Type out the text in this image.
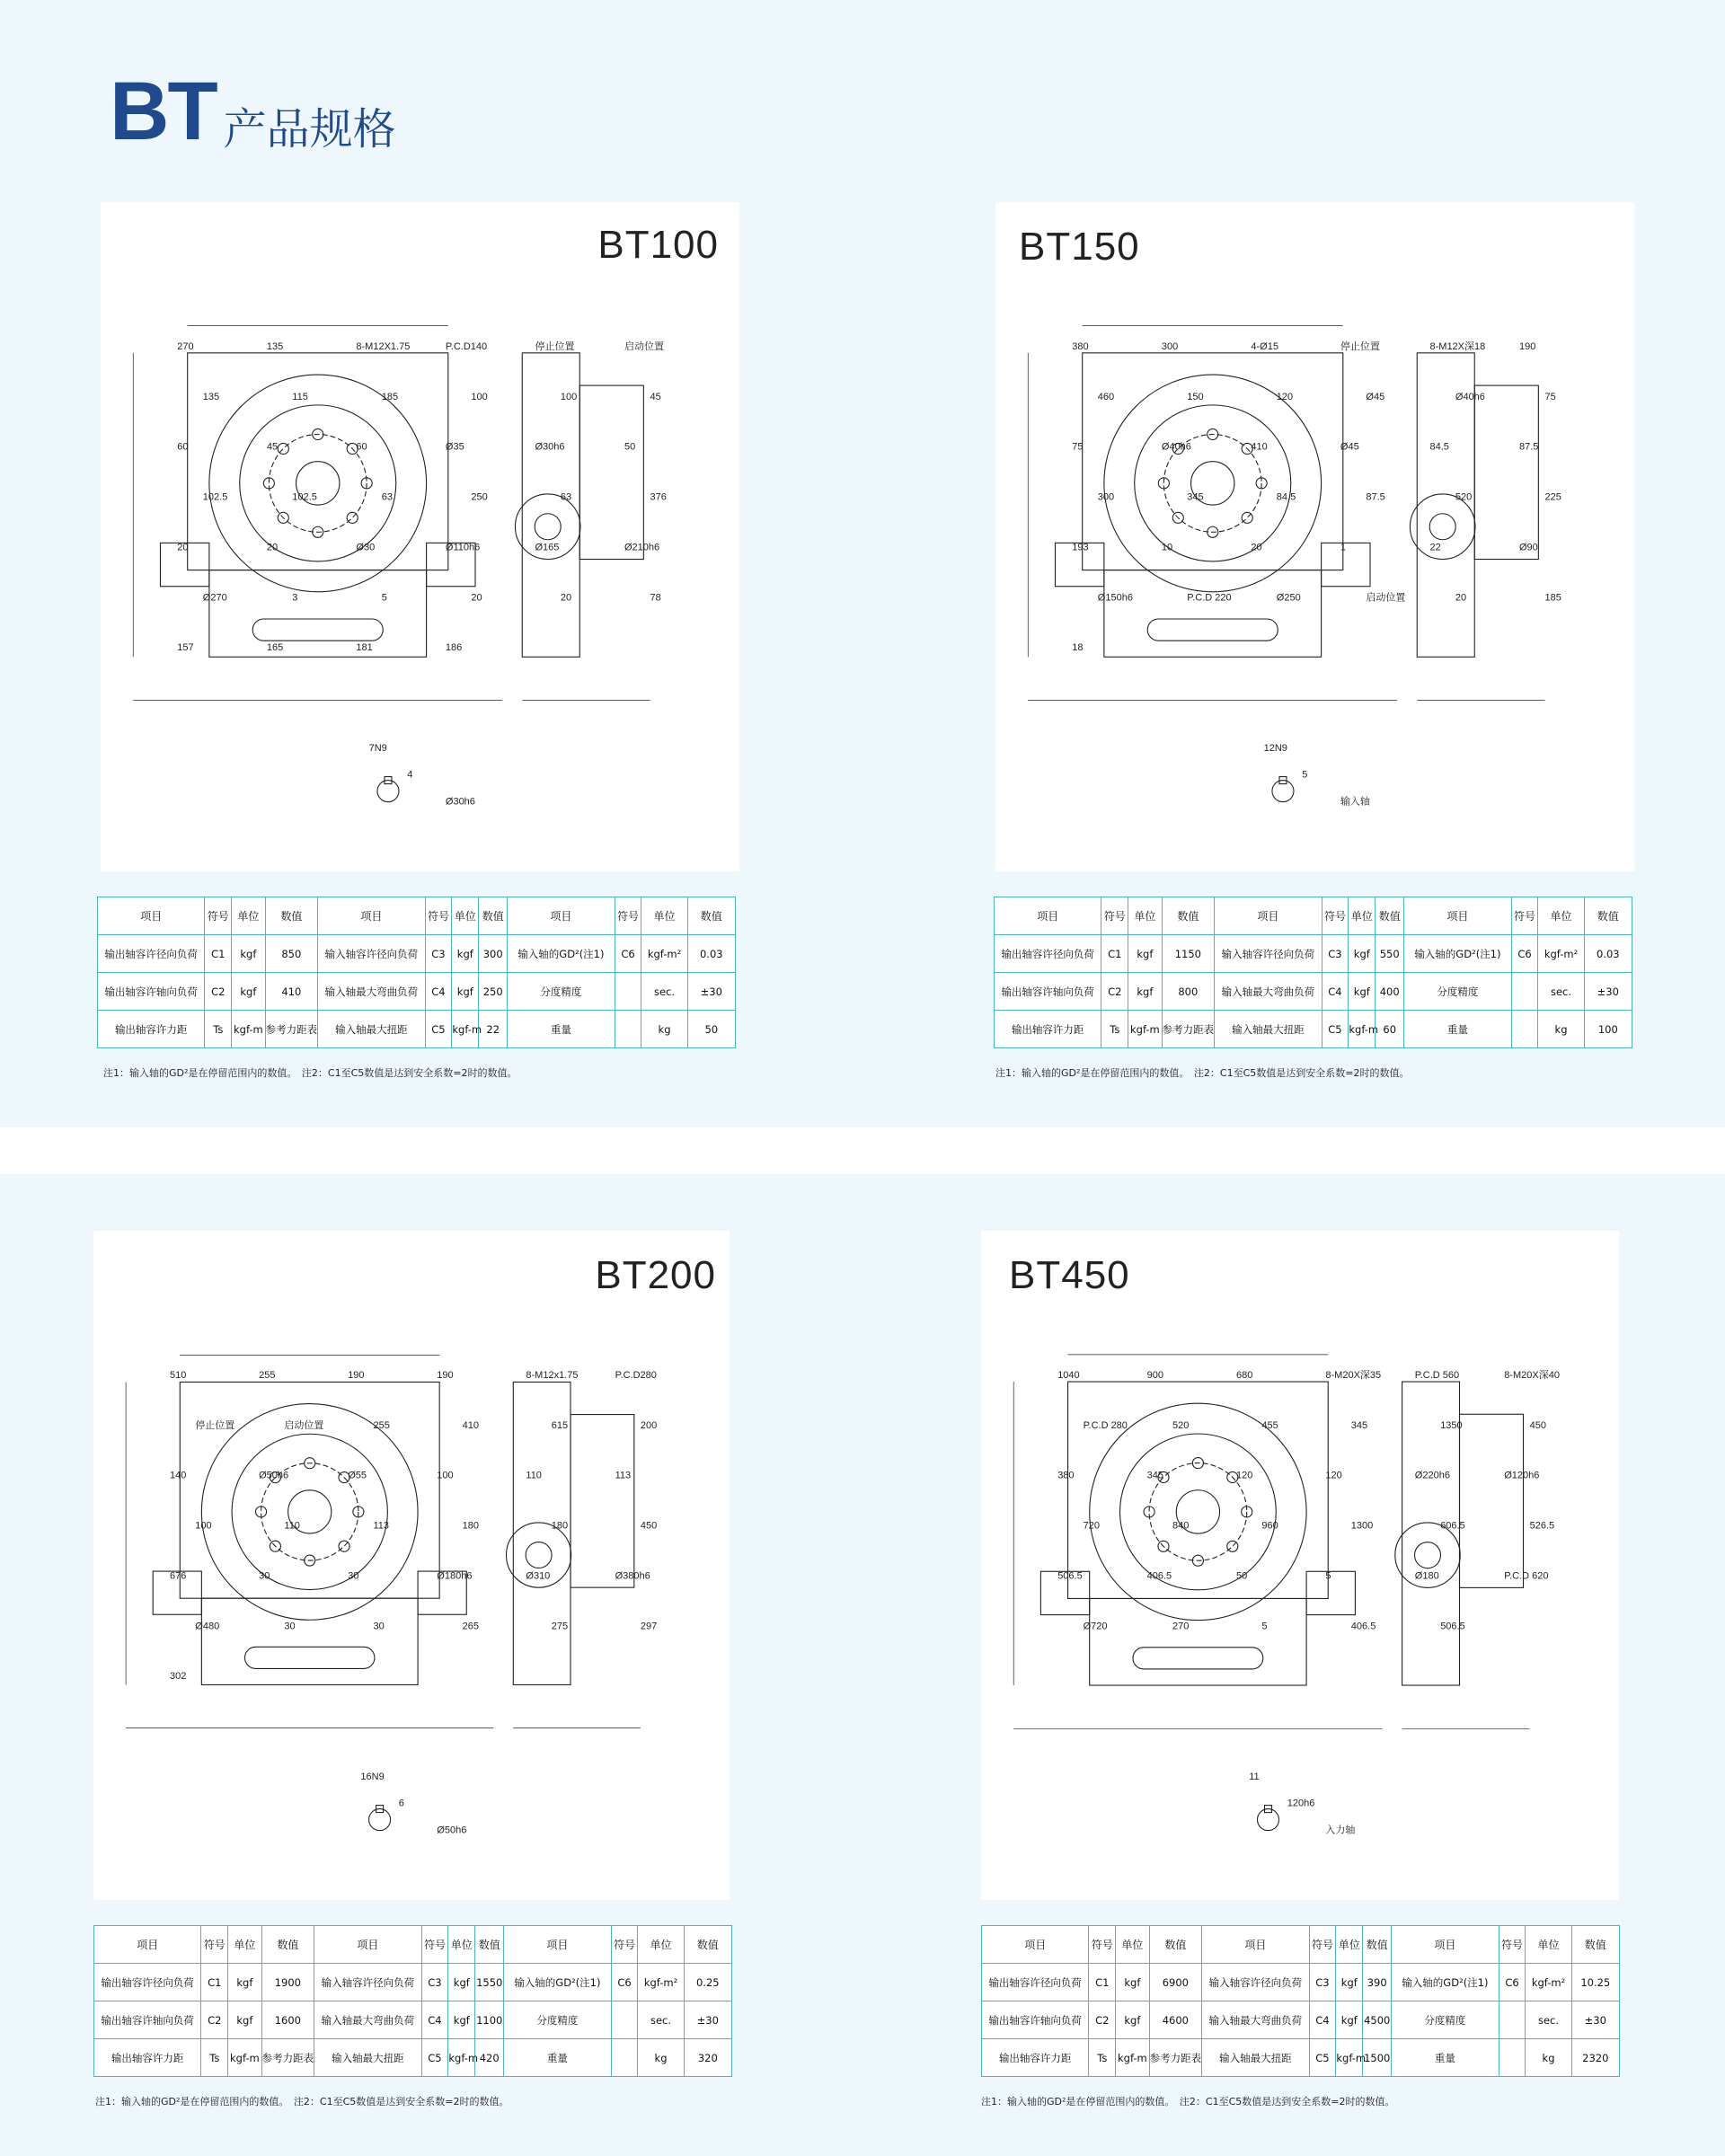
BT 产品规格
270	135	8-M12X1.75	P.C.D140	停止位置	启动位置
135	115	185	100	100	45
60	45	60	Ø35	Ø30h6	50
102.5	102.5	63	250	63	376
20	20	Ø30	Ø110h6	Ø165	Ø210h6
Ø270	3	5	20	20	78
157	165	181	186
7N9
4
Ø30h6
380	300	4-Ø15	停止位置	8-M12X深18	190
460	150	120	Ø45	Ø40h6	75
75	Ø40h6	410	Ø45	84.5	87.5
300	345	84.5	87.5	520	225
193	10	20	1	22	Ø90
Ø150h6	P.C.D 220	Ø250	启动位置	20	185
18
12N9
5
输入轴
510	255	190	190	8-M12x1.75	P.C.D280
停止位置	启动位置	255	410	615	200
140	Ø50h6	Ø55	100	110	113
100	110	113	180	180	450
676	30	30	Ø180h6	Ø310	Ø380h6
Ø480	30	30	265	275	297
302
16N9
6
Ø50h6
1040	900	680	8-M20X深35	P.C.D 560	8-M20X深40
P.C.D 280	520	455	345	1350	450
380	345	120	120	Ø220h6	Ø120h6
720	840	960	1300	606.5	526.5
506.5	406.5	50	5	Ø180	P.C.D 620
Ø720	270	5	406.5	506.5
11
120h6
入力轴
BT100
项目	符号	单位	数值	项目	符号	单位	数值	项目	符号	单位	数值
输出轴容许径向负荷	C1	kgf	850	输入轴容许径向负荷	C3	kgf	300	输入轴的GD²(注1)	C6	kgf-m²	0.03
输出轴容许轴向负荷	C2	kgf	410	输入轴最大弯曲负荷	C4	kgf	250	分度精度		sec.	±30
输出轴容许力距	Ts	kgf-m	参考力距表	输入轴最大扭距	C5	kgf-m	22	重量		kg	50
注1：输入轴的GD²是在停留范围内的数值。　注2：C1至C5数值是达到安全系数=2时的数值。
BT150
项目	符号	单位	数值	项目	符号	单位	数值	项目	符号	单位	数值
输出轴容许径向负荷	C1	kgf	1150	输入轴容许径向负荷	C3	kgf	550	输入轴的GD²(注1)	C6	kgf-m²	0.03
输出轴容许轴向负荷	C2	kgf	800	输入轴最大弯曲负荷	C4	kgf	400	分度精度		sec.	±30
输出轴容许力距	Ts	kgf-m	参考力距表	输入轴最大扭距	C5	kgf-m	60	重量		kg	100
注1：输入轴的GD²是在停留范围内的数值。　注2：C1至C5数值是达到安全系数=2时的数值。
BT200
项目	符号	单位	数值	项目	符号	单位	数值	项目	符号	单位	数值
输出轴容许径向负荷	C1	kgf	1900	输入轴容许径向负荷	C3	kgf	1550	输入轴的GD²(注1)	C6	kgf-m²	0.25
输出轴容许轴向负荷	C2	kgf	1600	输入轴最大弯曲负荷	C4	kgf	1100	分度精度		sec.	±30
输出轴容许力距	Ts	kgf-m	参考力距表	输入轴最大扭距	C5	kgf-m	420	重量		kg	320
注1：输入轴的GD²是在停留范围内的数值。　注2：C1至C5数值是达到安全系数=2时的数值。
BT450
项目	符号	单位	数值	项目	符号	单位	数值	项目	符号	单位	数值
输出轴容许径向负荷	C1	kgf	6900	输入轴容许径向负荷	C3	kgf	390	输入轴的GD²(注1)	C6	kgf-m²	10.25
输出轴容许轴向负荷	C2	kgf	4600	输入轴最大弯曲负荷	C4	kgf	4500	分度精度		sec.	±30
输出轴容许力距	Ts	kgf-m	参考力距表	输入轴最大扭距	C5	kgf-m	1500	重量		kg	2320
注1：输入轴的GD²是在停留范围内的数值。　注2：C1至C5数值是达到安全系数=2时的数值。
